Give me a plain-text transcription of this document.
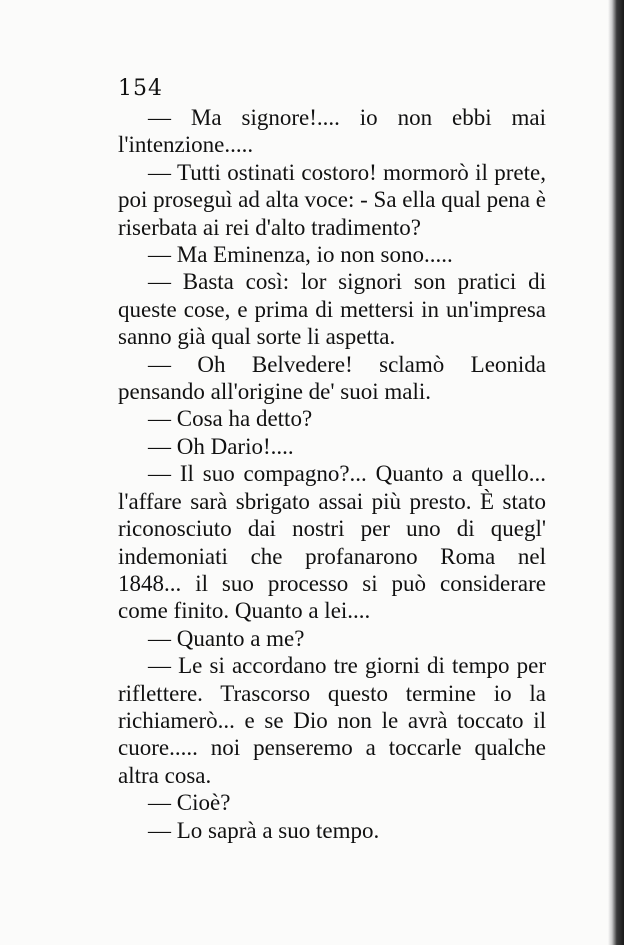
154

— Ma signore!.... io non ebbi mai l'intenzione.....

— Tutti ostinati costoro! mormorò il prete, poi proseguì ad alta voce: - Sa ella qual pena è riserbata ai rei d'alto tradimento?

— Ma Eminenza, io non sono.....

— Basta così: lor signori son pratici di queste cose, e prima di mettersi in un'impresa sanno già qual sorte li aspetta.

— Oh Belvedere! sclamò Leonida pensando all'origine de' suoi mali.

— Cosa ha detto?

— Oh Dario!....

— Il suo compagno?... Quanto a quello... l'affare sarà sbrigato assai più presto. È stato riconosciuto dai nostri per uno di quegl' indemoniati che profanarono Roma nel 1848... il suo processo si può considerare come finito. Quanto a lei....

— Quanto a me?

— Le si accordano tre giorni di tempo per riflettere. Trascorso questo termine io la richiamerò... e se Dio non le avrà toccato il cuore..... noi penseremo a toccarle qualche altra cosa.

— Cioè?

— Lo saprà a suo tempo.
